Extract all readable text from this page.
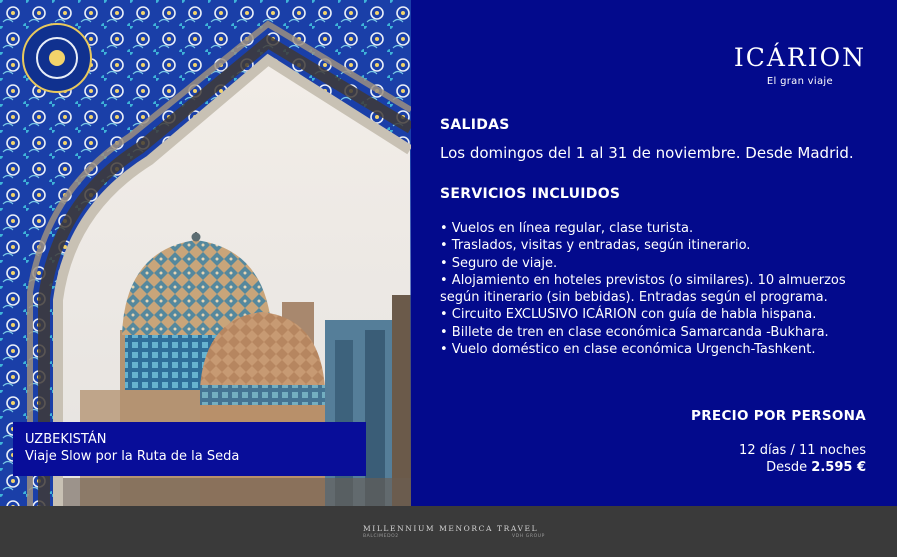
UZBEKISTÁN
Viaje Slow por la Ruta de la Seda
ICÁRION
El gran viaje
SALIDAS
Los domingos del 1 al 31 de noviembre. Desde Madrid.
SERVICIOS INCLUIDOS
• Vuelos en línea regular, clase turista.
• Traslados, visitas y entradas, según itinerario.
• Seguro de viaje.
• Alojamiento en hoteles previstos (o similares). 10 almuerzos según itinerario (sin bebidas). Entradas según el programa.
• Circuito EXCLUSIVO ICÁRION con guía de habla hispana.
• Billete de tren en clase económica Samarcanda -Bukhara.
• Vuelo doméstico en clase económica Urgench-Tashkent.
PRECIO POR PERSONA
12 días / 11 noches
Desde 2.595 €
MILLENNIUM MENORCA TRAVEL
BALCIMEDO2	VDH GROUP
